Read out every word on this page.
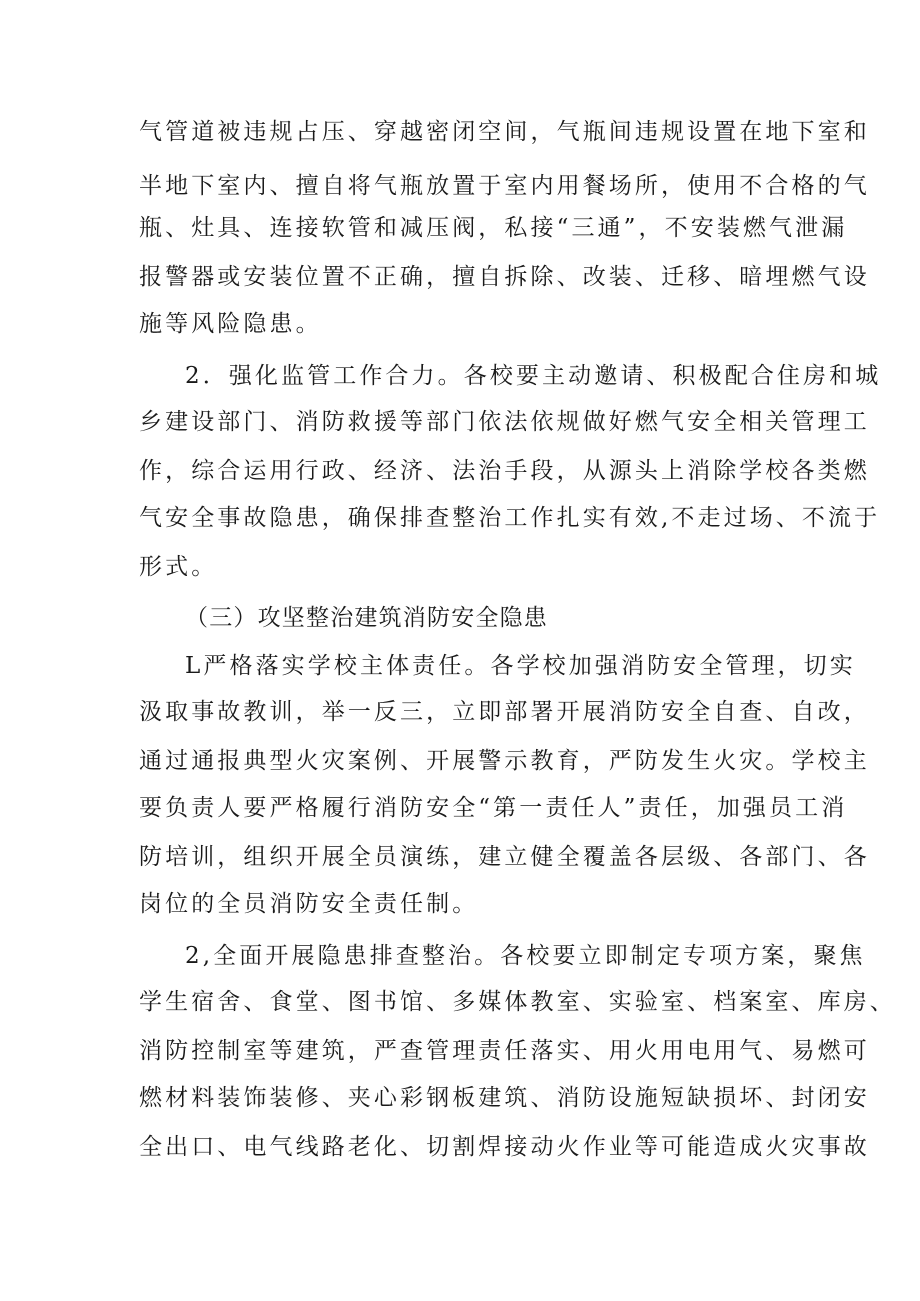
气管道被违规占压、穿越密闭空间，气瓶间违规设置在地下室和
半地下室内、擅自将气瓶放置于室内用餐场所，使用不合格的气
瓶、灶具、连接软管和减压阀，私接“三通”，不安装燃气泄漏
报警器或安装位置不正确，擅自拆除、改装、迁移、暗埋燃气设
施等风险隐患。
2．强化监管工作合力。各校要主动邀请、积极配合住房和城
乡建设部门、消防救援等部门依法依规做好燃气安全相关管理工
作，综合运用行政、经济、法治手段，从源头上消除学校各类燃
气安全事故隐患，确保排查整治工作扎实有效,不走过场、不流于
形式。
（三）攻坚整治建筑消防安全隐患
L严格落实学校主体责任。各学校加强消防安全管理，切实
汲取事故教训，举一反三，立即部署开展消防安全自查、自改，
通过通报典型火灾案例、开展警示教育，严防发生火灾。学校主
要负责人要严格履行消防安全“第一责任人”责任，加强员工消
防培训，组织开展全员演练，建立健全覆盖各层级、各部门、各
岗位的全员消防安全责任制。
2,全面开展隐患排查整治。各校要立即制定专项方案，聚焦
学生宿舍、食堂、图书馆、多媒体教室、实验室、档案室、库房、
消防控制室等建筑，严查管理责任落实、用火用电用气、易燃可
燃材料装饰装修、夹心彩钢板建筑、消防设施短缺损坏、封闭安
全出口、电气线路老化、切割焊接动火作业等可能造成火灾事故
